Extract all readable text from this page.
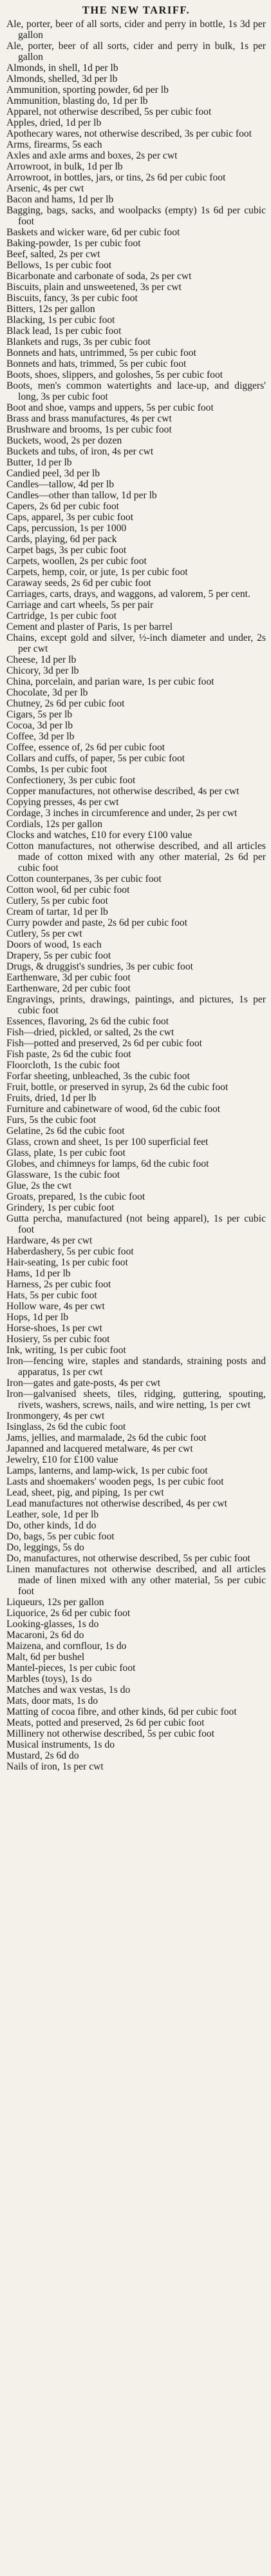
THE NEW TARIFF.

Ale, porter, beer of all sorts, cider and perry in bottle, 1s 3d per gallon

Ale, porter, beer of all sorts, cider and perry in bulk, 1s per gallon

Almonds, in shell, 1d per lb

Almonds, shelled, 3d per lb

Ammunition, sporting powder, 6d per lb

Ammunition, blasting do, 1d per lb

Apparel, not otherwise described, 5s per cubic foot

Apples, dried, 1d per lb

Apothecary wares, not otherwise described, 3s per cubic foot

Arms, firearms, 5s each

Axles and axle arms and boxes, 2s per cwt

Arrowroot, in bulk, 1d per lb

Arrowroot, in bottles, jars, or tins, 2s 6d per cubic foot

Arsenic, 4s per cwt

Bacon and hams, 1d per lb

Bagging, bags, sacks, and woolpacks (empty) 1s 6d per cubic foot

Baskets and wicker ware, 6d per cubic foot

Baking-powder, 1s per cubic foot

Beef, salted, 2s per cwt

Bellows, 1s per cubic foot

Bicarbonate and carbonate of soda, 2s per cwt

Biscuits, plain and unsweetened, 3s per cwt

Biscuits, fancy, 3s per cubic foot

Bitters, 12s per gallon

Blacking, 1s per cubic foot

Black lead, 1s per cubic foot

Blankets and rugs, 3s per cubic foot

Bonnets and hats, untrimmed, 5s per cubic foot

Bonnets and hats, trimmed, 5s per cubic foot

Boots, shoes, slippers, and goloshes, 5s per cubic foot

Boots, men's common watertights and lace-up, and diggers' long, 3s per cubic foot

Boot and shoe, vamps and uppers, 5s per cubic foot

Brass and brass manufactures, 4s per cwt

Brushware and brooms, 1s per cubic foot

Buckets, wood, 2s per dozen

Buckets and tubs, of iron, 4s per cwt

Butter, 1d per lb

Candied peel, 3d per lb

Candles—tallow, 4d per lb

Candles—other than tallow, 1d per lb

Capers, 2s 6d per cubic foot

Caps, apparel, 3s per cubic foot

Caps, percussion, 1s per 1000

Cards, playing, 6d per pack

Carpet bags, 3s per cubic foot

Carpets, woollen, 2s per cubic foot

Carpets, hemp, coir, or jute, 1s per cubic foot

Caraway seeds, 2s 6d per cubic foot

Carriages, carts, drays, and waggons, ad valorem, 5 per cent.

Carriage and cart wheels, 5s per pair

Cartridge, 1s per cubic foot

Cement and plaster of Paris, 1s per barrel

Chains, except gold and silver, ½-inch diameter and under, 2s per cwt

Cheese, 1d per lb

Chicory, 3d per lb

China, porcelain, and parian ware, 1s per cubic foot

Chocolate, 3d per lb

Chutney, 2s 6d per cubic foot

Cigars, 5s per lb

Cocoa, 3d per lb

Coffee, 3d per lb

Coffee, essence of, 2s 6d per cubic foot

Collars and cuffs, of paper, 5s per cubic foot

Combs, 1s per cubic foot

Confectionery, 3s per cubic foot

Copper manufactures, not otherwise described, 4s per cwt

Copying presses, 4s per cwt

Cordage, 3 inches in circumference and under, 2s per cwt

Cordials, 12s per gallon

Clocks and watches, £10 for every £100 value

Cotton manufactures, not otherwise described, and all articles made of cotton mixed with any other material, 2s 6d per cubic foot

Cotton counterpanes, 3s per cubic foot

Cotton wool, 6d per cubic foot

Cutlery, 5s per cubic foot

Cream of tartar, 1d per lb

Curry powder and paste, 2s 6d per cubic foot

Cutlery, 5s per cwt

Doors of wood, 1s each

Drapery, 5s per cubic foot

Drugs, & druggist's sundries, 3s per cubic foot

Earthenware, 3d per cubic foot

Earthenware, 2d per cubic foot

Engravings, prints, drawings, paintings, and pictures, 1s per cubic foot

Essences, flavoring, 2s 6d the cubic foot

Fish—dried, pickled, or salted, 2s the cwt

Fish—potted and preserved, 2s 6d per cubic foot

Fish paste, 2s 6d the cubic foot

Floorcloth, 1s the cubic foot

Forfar sheeting, unbleached, 3s the cubic foot

Fruit, bottle, or preserved in syrup, 2s 6d the cubic foot

Fruits, dried, 1d per lb

Furniture and cabinetware of wood, 6d the cubic foot

Furs, 5s the cubic foot

Gelatine, 2s 6d the cubic foot

Glass, crown and sheet, 1s per 100 superficial feet

Glass, plate, 1s per cubic foot

Globes, and chimneys for lamps, 6d the cubic foot

Glassware, 1s the cubic foot

Glue, 2s the cwt

Groats, prepared, 1s the cubic foot

Grindery, 1s per cubic foot

Gutta percha, manufactured (not being apparel), 1s per cubic foot

Hardware, 4s per cwt

Haberdashery, 5s per cubic foot

Hair-seating, 1s per cubic foot

Hams, 1d per lb

Harness, 2s per cubic foot

Hats, 5s per cubic foot

Hollow ware, 4s per cwt

Hops, 1d per lb

Horse-shoes, 1s per cwt

Hosiery, 5s per cubic foot

Ink, writing, 1s per cubic foot

Iron—fencing wire, staples and standards, straining posts and apparatus, 1s per cwt

Iron—gates and gate-posts, 4s per cwt

Iron—galvanised sheets, tiles, ridging, guttering, spouting, rivets, washers, screws, nails, and wire netting, 1s per cwt

Ironmongery, 4s per cwt

Isinglass, 2s 6d the cubic foot

Jams, jellies, and marmalade, 2s 6d the cubic foot

Japanned and lacquered metalware, 4s per cwt

Jewelry, £10 for £100 value

Lamps, lanterns, and lamp-wick, 1s per cubic foot

Lasts and shoemakers' wooden pegs, 1s per cubic foot

Lead, sheet, pig, and piping, 1s per cwt

Lead manufactures not otherwise described, 4s per cwt

Leather, sole, 1d per lb

Do, other kinds, 1d do

Do, bags, 5s per cubic foot

Do, leggings, 5s do

Do, manufactures, not otherwise described, 5s per cubic foot

Linen manufactures not otherwise described, and all articles made of linen mixed with any other material, 5s per cubic foot

Liqueurs, 12s per gallon

Liquorice, 2s 6d per cubic foot

Looking-glasses, 1s do

Macaroni, 2s 6d do

Maizena, and cornflour, 1s do

Malt, 6d per bushel

Mantel-pieces, 1s per cubic foot

Marbles (toys), 1s do

Matches and wax vestas, 1s do

Mats, door mats, 1s do

Matting of cocoa fibre, and other kinds, 6d per cubic foot

Meats, potted and preserved, 2s 6d per cubic foot

Millinery not otherwise described, 5s per cubic foot

Musical instruments, 1s do

Mustard, 2s 6d do

Nails of iron, 1s per cwt
